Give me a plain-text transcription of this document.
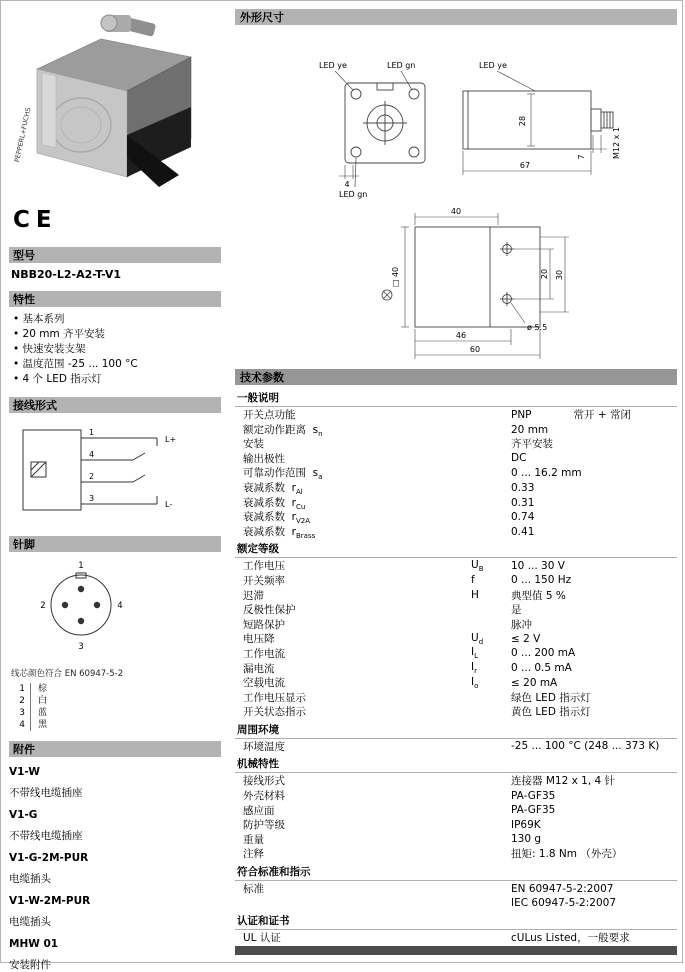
PEPPERL+FUCHS
CE
型号
NBB20-L2-A2-T-V1
特性
• 基本系列
• 20 mm 齐平安装
• 快速安装支架
• 温度范围 -25 ... 100 °C
• 4 个 LED 指示灯
接线形式
1
4
2
3
L+
L-
针脚
1
2	4
3
线芯颜色符合 EN 60947-5-2
1	棕
2	白
3	蓝
4	黑
附件
V1-W
不带线电缆插座
V1-G
不带线电缆插座
V1-G-2M-PUR
电缆插头
V1-W-2M-PUR
电缆插头
MHW 01
安装附件
外形尺寸
LED ye	LED gn	LED ye
LED gn
4
28
7	M12 x 1
67
40
□ 40	20 30
46
60
ø 5.5
技术参数
一般说明
开关点功能	PNP	常开 + 常闭
额定动作距离  $s_n$	20 mm
安装	齐平安装
输出极性	DC
可靠动作范围  $s_a$	0 ... 16.2 mm
衰减系数  $r_{Al}$	0.33
衰减系数  $r_{Cu}$	0.31
衰减系数  $r_{V2A}$	0.74
衰减系数  $r_{Brass}$	0.41
额定等级
工作电压	$U_B$	10 ... 30 V
开关频率	f	0 ... 150 Hz
迟滞	H	典型值 5 %
反极性保护	是
短路保护	脉冲
电压降	$U_d$	≤ 2 V
工作电流	$I_L$	0 ... 200 mA
漏电流	$I_r$	0 ... 0.5 mA
空载电流	$I_o$	≤ 20 mA
工作电压显示	绿色 LED 指示灯
开关状态指示	黄色 LED 指示灯
周围环境
环境温度	-25 ... 100 °C (248 ... 373 K)
机械特性
接线形式	连接器 M12 x 1, 4 针
外壳材料	PA-GF35
感应面	PA-GF35
防护等级	IP69K
重量	130 g
注释	扭矩: 1.8 Nm （外壳）
符合标准和指示
标准	EN 60947-5-2:2007
IEC 60947-5-2:2007
认证和证书
UL 认证	cULus Listed，一般要求
